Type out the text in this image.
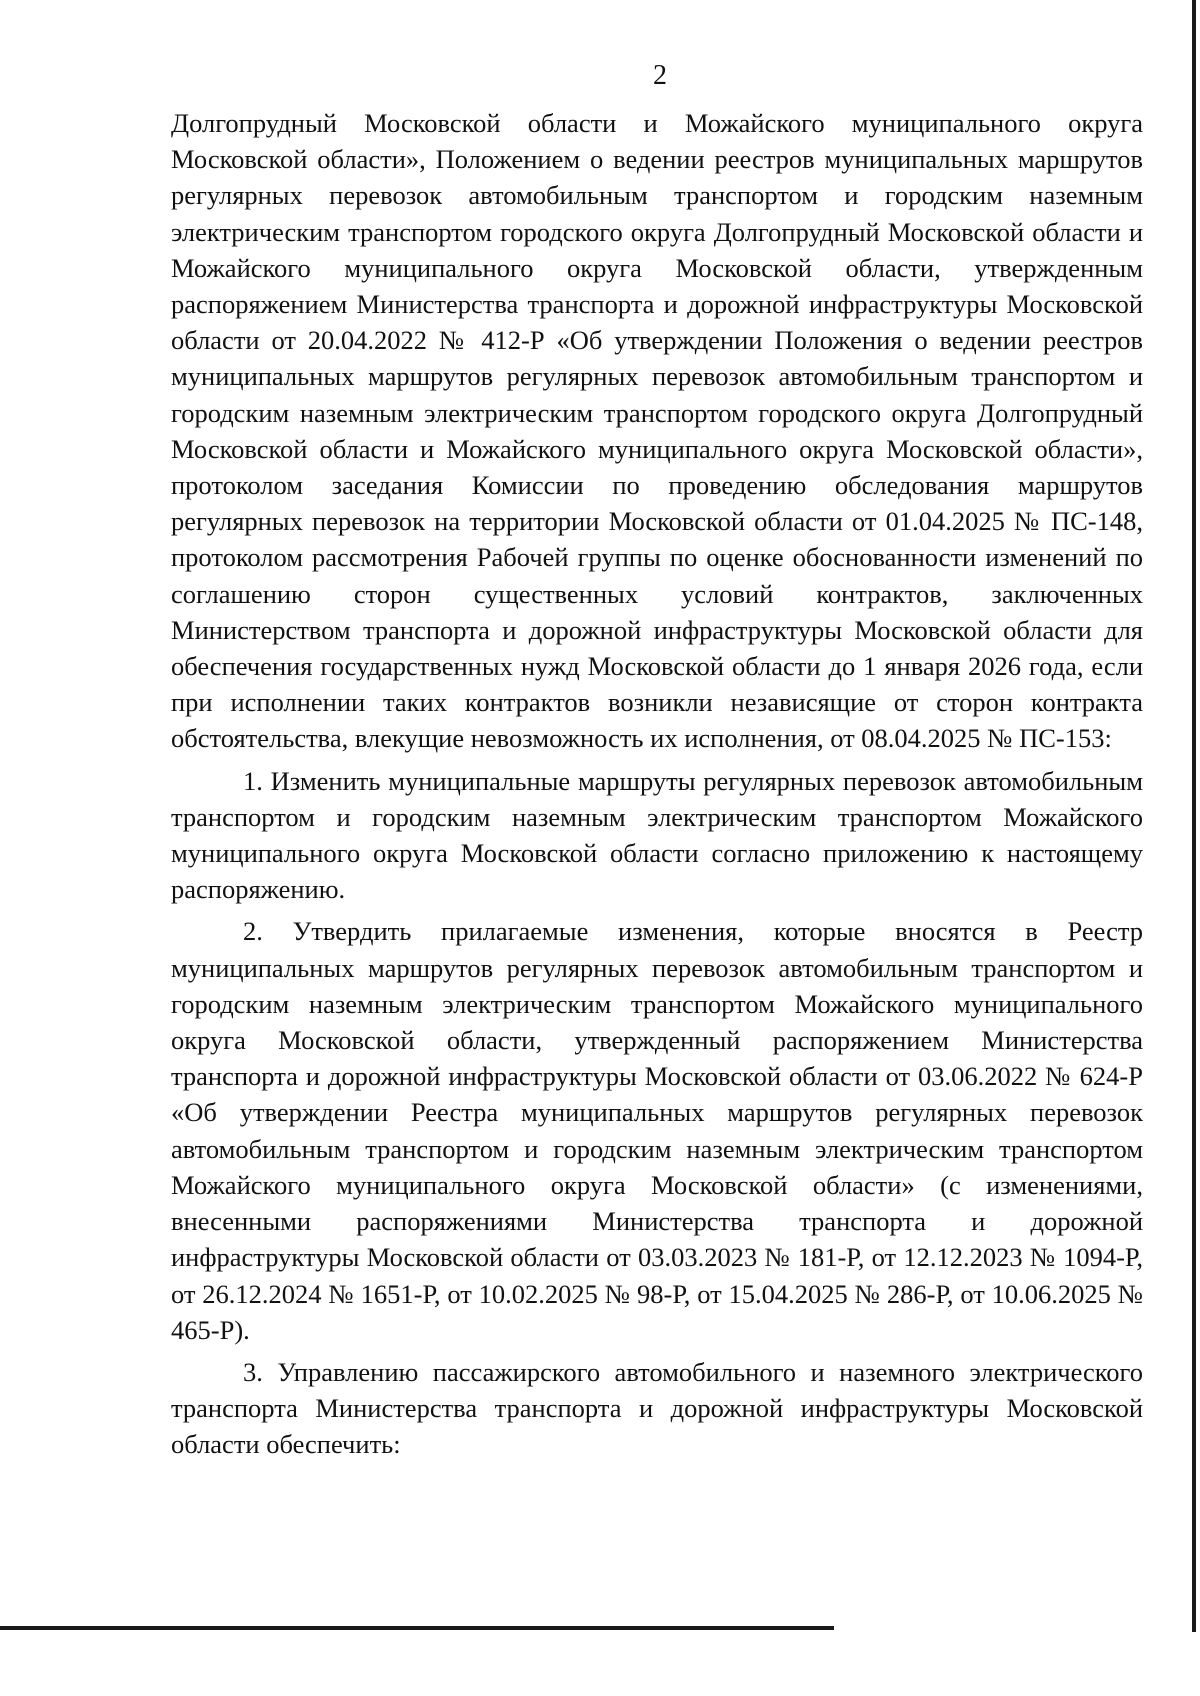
2

Долгопрудный Московской области и Можайского муниципального округа Московской области», Положением о ведении реестров муниципальных маршрутов регулярных перевозок автомобильным транспортом и городским наземным электрическим транспортом городского округа Долгопрудный Московской области и Можайского муниципального округа Московской области, утвержденным распоряжением Министерства транспорта и дорожной инфраструктуры Московской области от 20.04.2022 № 412-Р «Об утверждении Положения о ведении реестров муниципальных маршрутов регулярных перевозок автомобильным транспортом и городским наземным электрическим транспортом городского округа Долгопрудный Московской области и Можайского муниципального округа Московской области», протоколом заседания Комиссии по проведению обследования маршрутов регулярных перевозок на территории Московской области от 01.04.2025 № ПС-148, протоколом рассмотрения Рабочей группы по оценке обоснованности изменений по соглашению сторон существенных условий контрактов, заключенных Министерством транспорта и дорожной инфраструктуры Московской области для обеспечения государственных нужд Московской области до 1 января 2026 года, если при исполнении таких контрактов возникли независящие от сторон контракта обстоятельства, влекущие невозможность их исполнения, от 08.04.2025 № ПС-153:

1. Изменить муниципальные маршруты регулярных перевозок автомобильным транспортом и городским наземным электрическим транспортом Можайского муниципального округа Московской области согласно приложению к настоящему распоряжению.

2. Утвердить прилагаемые изменения, которые вносятся в Реестр муниципальных маршрутов регулярных перевозок автомобильным транспортом и городским наземным электрическим транспортом Можайского муниципального округа Московской области, утвержденный распоряжением Министерства транспорта и дорожной инфраструктуры Московской области от 03.06.2022 № 624-Р «Об утверждении Реестра муниципальных маршрутов регулярных перевозок автомобильным транспортом и городским наземным электрическим транспортом Можайского муниципального округа Московской области» (с изменениями, внесенными распоряжениями Министерства транспорта и дорожной инфраструктуры Московской области от 03.03.2023 № 181-Р, от 12.12.2023 № 1094-Р, от 26.12.2024 № 1651-Р, от 10.02.2025 № 98-Р, от 15.04.2025 № 286-Р, от 10.06.2025 № 465-Р).

3. Управлению пассажирского автомобильного и наземного электрического транспорта Министерства транспорта и дорожной инфраструктуры Московской области обеспечить:
